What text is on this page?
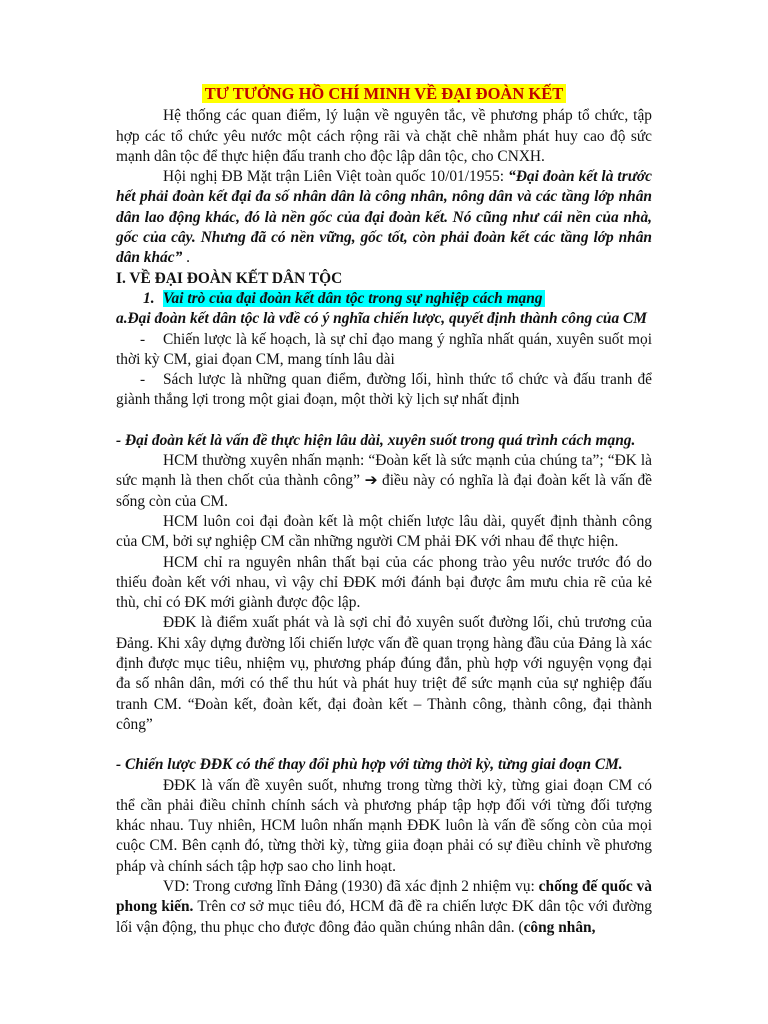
TƯ TƯỞNG HỒ CHÍ MINH VỀ ĐẠI ĐOÀN KẾT

Hệ thống các quan điểm, lý luận về nguyên tắc, về phương pháp tổ chức, tập hợp các tổ chức yêu nước một cách rộng rãi và chặt chẽ nhằm phát huy cao độ sức mạnh dân tộc để thực hiện đấu tranh cho độc lập dân tộc, cho CNXH.

Hội nghị ĐB Mặt trận Liên Việt toàn quốc 10/01/1955: “Đại đoàn kết là trước hết phải đoàn kết đại đa số nhân dân là công nhân, nông dân và các tầng lớp nhân dân lao động khác, đó là nền gốc của đại đoàn kết. Nó cũng như cái nền của nhà, gốc của cây. Nhưng đã có nền vững, gốc tốt, còn phải đoàn kết các tầng lớp nhân dân khác” .

I. VỀ ĐẠI ĐOÀN KẾT DÂN TỘC

1. Vai trò của đại đoàn kết dân tộc trong sự nghiệp cách mạng

a.Đại đoàn kết dân tộc là vđề có ý nghĩa chiến lược, quyết định thành công của CM

- Chiến lược là kế hoạch, là sự chỉ đạo mang ý nghĩa nhất quán, xuyên suốt mọi thời kỳ CM, giai đọan CM, mang tính lâu dài

- Sách lược là những quan điểm, đường lối, hình thức tổ chức và đấu tranh để giành thắng lợi trong một giai đoạn, một thời kỳ lịch sự nhất định

- Đại đoàn kết là vấn đề thực hiện lâu dài, xuyên suốt trong quá trình cách mạng.

HCM thường xuyên nhấn mạnh: “Đoàn kết là sức mạnh của chúng ta”; “ĐK là sức mạnh là then chốt của thành công” ➔ điều này có nghĩa là đại đoàn kết là vấn đề sống còn của CM.

HCM luôn coi đại đoàn kết là một chiến lược lâu dài, quyết định thành công của CM, bởi sự nghiệp CM cần những người CM phải ĐK với nhau để thực hiện.

HCM chỉ ra nguyên nhân thất bại của các phong trào yêu nước trước đó do thiếu đoàn kết với nhau, vì vậy chỉ ĐĐK mới đánh bại được âm mưu chia rẽ của kẻ thù, chỉ có ĐK mới giành được độc lập.

ĐĐK là điểm xuất phát và là sợi chỉ đỏ xuyên suốt đường lối, chủ trương của Đảng. Khi xây dựng đường lối chiến lược vấn đề quan trọng hàng đầu của Đảng là xác định được mục tiêu, nhiệm vụ, phương pháp đúng đắn, phù hợp với nguyện vọng đại đa số nhân dân, mới có thể thu hút và phát huy triệt để sức mạnh của sự nghiệp đấu tranh CM. “Đoàn kết, đoàn kết, đại đoàn kết – Thành công, thành công, đại thành công”

- Chiến lược ĐĐK có thể thay đổi phù hợp với từng thời kỳ, từng giai đoạn CM.

ĐĐK là vấn đề xuyên suốt, nhưng trong từng thời kỳ, từng giai đoạn CM có thể cần phải điều chỉnh chính sách và phương pháp tập hợp đối với từng đối tượng khác nhau. Tuy nhiên, HCM luôn nhấn mạnh ĐĐK luôn là vấn đề sống còn của mọi cuộc CM. Bên cạnh đó, từng thời kỳ, từng giia đoạn phải có sự điều chỉnh về phương pháp và chính sách tập hợp sao cho linh hoạt.

VD: Trong cương lĩnh Đảng (1930) đã xác định 2 nhiệm vụ: chống đế quốc và phong kiến. Trên cơ sở mục tiêu đó, HCM đã đề ra chiến lược ĐK dân tộc với đường lối vận động, thu phục cho được đông đảo quần chúng nhân dân. (công nhân,
